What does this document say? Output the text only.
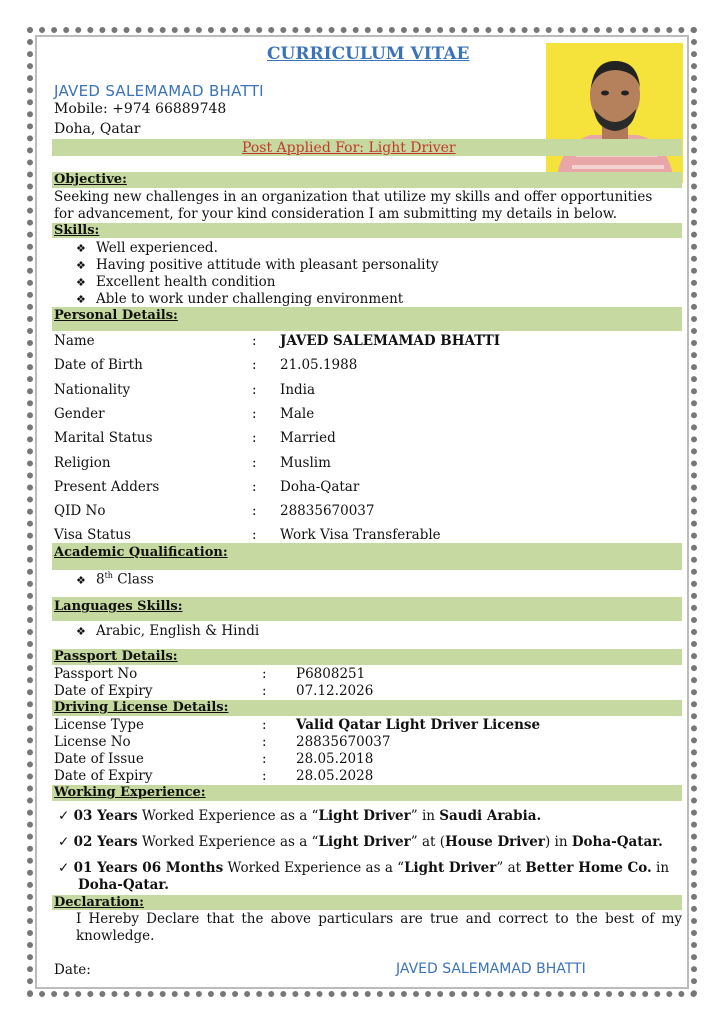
CURRICULUM VITAE
JAVED SALEMAMAD BHATTI
Mobile: +974 66889748
Doha, Qatar
Post Applied For: Light Driver
Objective:
Seeking new challenges in an organization that utilize my skills and offer opportunities
for advancement, for your kind consideration I am submitting my details in below.
Skills:
❖ Well experienced.
❖ Having positive attitude with pleasant personality
❖ Excellent health condition
❖ Able to work under challenging environment
Personal Details:
Name	: JAVED SALEMAMAD BHATTI
Date of Birth	: 21.05.1988
Nationality	: India
Gender	: Male
Marital Status	: Married
Religion	: Muslim
Present Adders	: Doha-Qatar
QID No	: 28835670037
Visa Status	: Work Visa Transferable
Academic Qualification:
❖ 8th Class
Languages Skills:
❖ Arabic, English & Hindi
Passport Details:
Passport No	: P6808251
Date of Expiry	: 07.12.2026
Driving License Details:
License Type	: Valid Qatar Light Driver License
License No	: 28835670037
Date of Issue	: 28.05.2018
Date of Expiry	: 28.05.2028
Working Experience:
✓ 03 Years Worked Experience as a “Light Driver” in Saudi Arabia.
✓ 02 Years Worked Experience as a “Light Driver” at (House Driver) in Doha-Qatar.
✓ 01 Years 06 Months Worked Experience as a “Light Driver” at Better Home Co. in Doha-Qatar.
Declaration:
I Hereby Declare that the above particulars are true and correct to the best of my knowledge.
Date:	JAVED SALEMAMAD BHATTI
